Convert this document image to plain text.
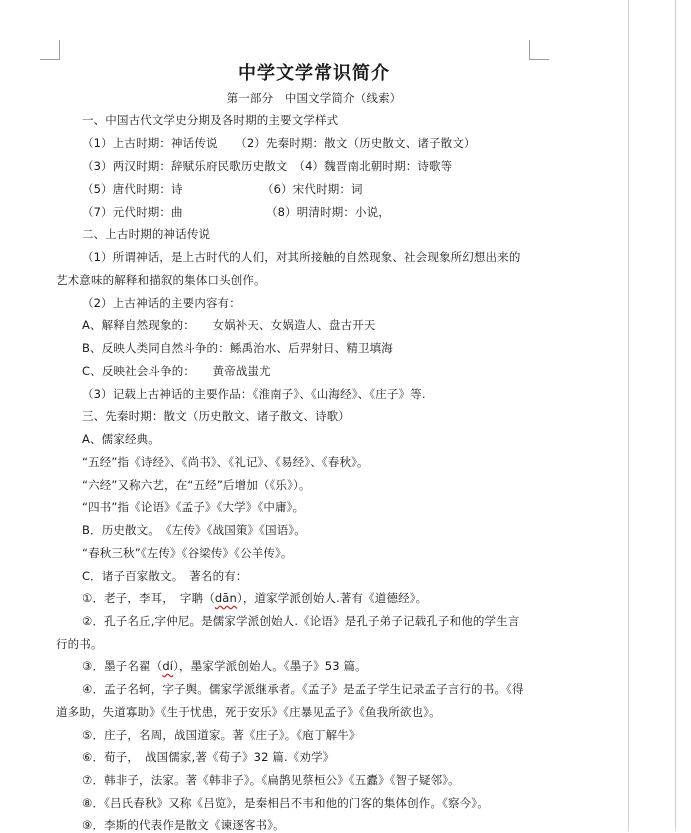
中学文学常识简介
第一部分　中国文学简介（线索）
一、中国古代文学史分期及各时期的主要文学样式
（1）上古时期：神话传说　　（2）先秦时期：散文（历史散文、诸子散文）
（3）两汉时期：辞赋乐府民歌历史散文　（4）魏晋南北朝时期：诗歌等
（5）唐代时期：诗	（6）宋代时期：词
（7）元代时期：曲	（8）明清时期：小说，
二、上古时期的神话传说
（1）所谓神话，是上古时代的人们，对其所接触的自然现象、社会现象所幻想出来的
艺术意味的解释和描叙的集体口头创作。
（2）上古神话的主要内容有：
A、解释自然现象的：　　女娲补天、女娲造人、盘古开天
B、反映人类同自然斗争的：鲧禹治水、后羿射日、精卫填海
C、反映社会斗争的：　　黄帝战蚩尤
（3）记载上古神话的主要作品：《淮南子》、《山海经》、《庄子》等.
三、先秦时期：散文（历史散文、诸子散文、诗歌）
A、儒家经典。
“五经”指《诗经》、《尚书》、《礼记》、《易经》、《春秋》。
“六经”又称六艺，在“五经”后增加（《乐》）。
“四书”指《论语》《孟子》《大学》《中庸》。
B．历史散文。　《左传》《战国策》《国语》。
“春秋三秋”《左传》《谷梁传》《公羊传》。
C．诸子百家散文。　著名的有：
①．老子，李耳，　字聃（dān），道家学派创始人.著有《道德经》。
②．孔子名丘,字仲尼。是儒家学派创始人.《论语》是孔子弟子记载孔子和他的学生言
行的书。
③．墨子名翟（dí），墨家学派创始人。《墨子》53 篇。
④．孟子名轲，字子舆。儒家学派继承者。《孟子》是孟子学生记录孟子言行的书。《得
道多助，失道寡助》《生于忧患，死于安乐》《庄暴见孟子》《鱼我所欲也》。
⑤．庄子，名周，战国道家。著《庄子》。《庖丁解牛》
⑥．荀子，　战国儒家,著《荀子》32 篇.《劝学》
⑦．韩非子，法家。著《韩非子》。《扁鹊见蔡桓公》《五蠹》《智子疑邻》。
⑧．《吕氏春秋》又称《吕览》，是秦相吕不韦和他的门客的集体创作。《察今》。
⑨．李斯的代表作是散文《谏逐客书》。
